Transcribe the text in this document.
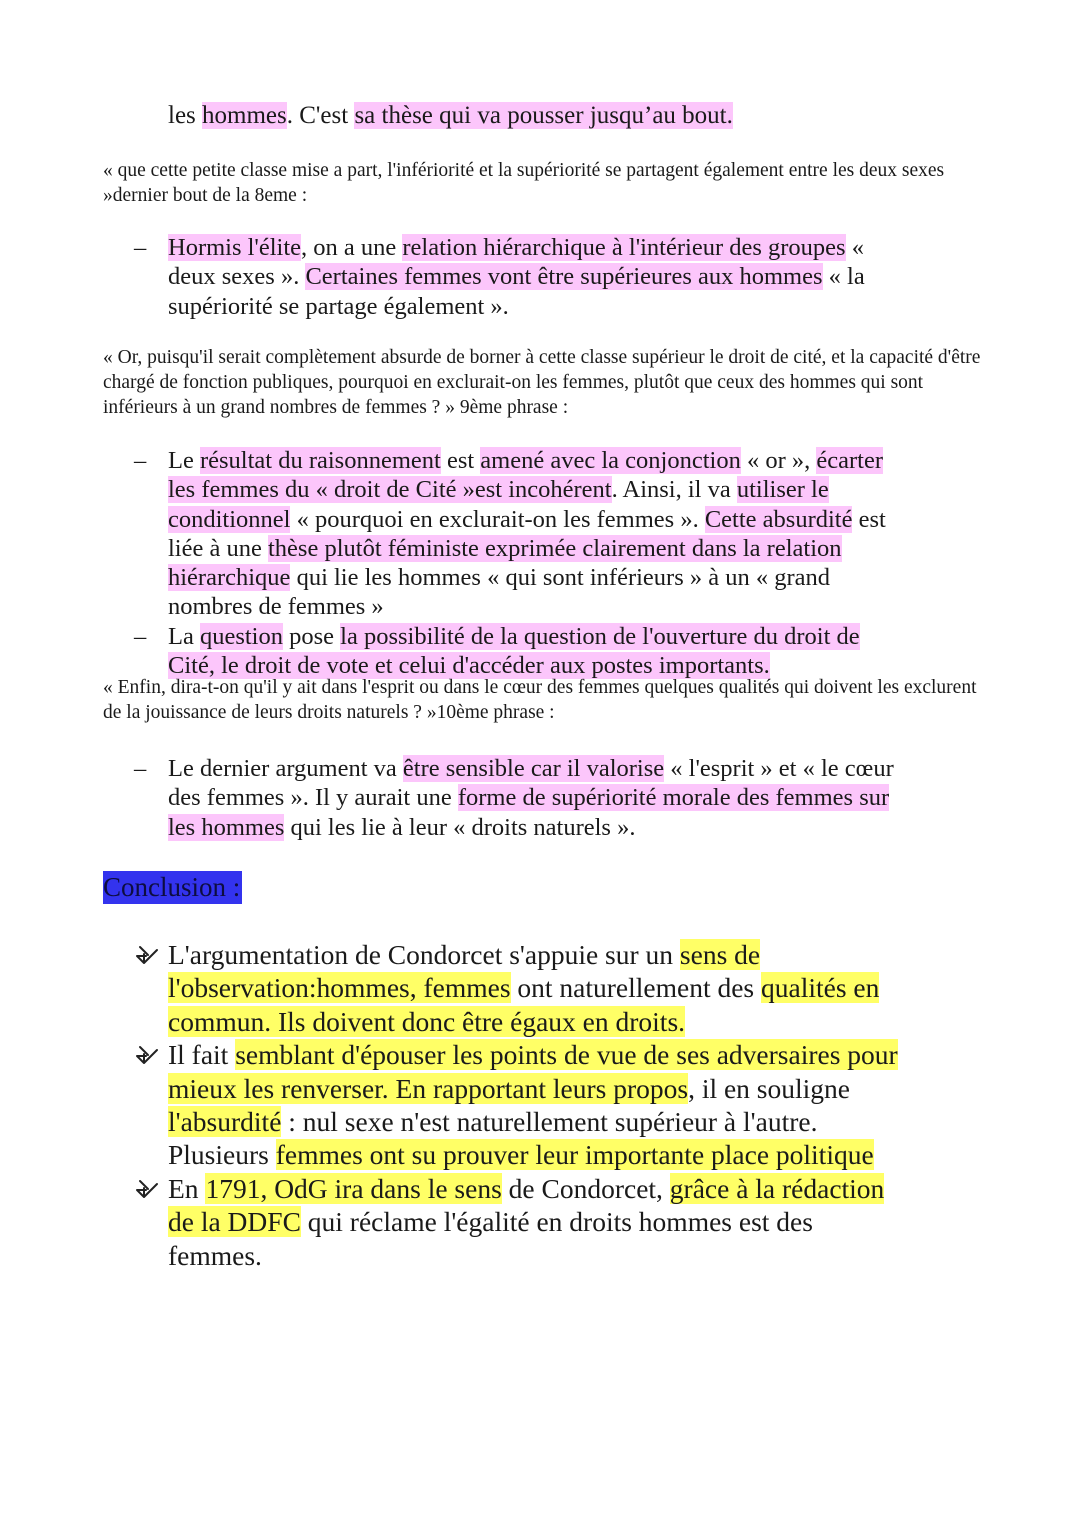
les hommes. C'est sa thèse qui va pousser jusqu’au bout.
« que cette petite classe mise a part, l'infériorité et la supériorité se partagent également entre les deux sexes »dernier bout de la 8eme :
– Hormis l'élite, on a une relation hiérarchique à l'intérieur des groupes « deux sexes ». Certaines femmes vont être supérieures aux hommes « la supériorité se partage également ».
« Or, puisqu'il serait complètement absurde de borner à cette classe supérieur le droit de cité, et la capacité d'être chargé de fonction publiques, pourquoi en exclurait-on les femmes, plutôt que ceux des hommes qui sont inférieurs à un grand nombres de femmes ? » 9ème phrase :
– Le résultat du raisonnement est amené avec la conjonction « or », écarter les femmes du « droit de Cité »est incohérent. Ainsi, il va utiliser le conditionnel « pourquoi en exclurait-on les femmes ». Cette absurdité est liée à une thèse plutôt féministe exprimée clairement dans la relation hiérarchique qui lie les hommes « qui sont inférieurs » à un « grand nombres de femmes »
– La question pose la possibilité de la question de l'ouverture du droit de Cité, le droit de vote et celui d'accéder aux postes importants.
« Enfin, dira-t-on qu'il y ait dans l'esprit ou dans le cœur des femmes quelques qualités qui doivent les exclurent de la jouissance de leurs droits naturels ? »10ème phrase :
– Le dernier argument va être sensible car il valorise « l'esprit » et « le cœur des femmes ». Il y aurait une forme de supériorité morale des femmes sur les hommes qui les lie à leur « droits naturels ».
Conclusion :
L'argumentation de Condorcet s'appuie sur un sens de l'observation:hommes, femmes ont naturellement des qualités en commun. Ils doivent donc être égaux en droits.
Il fait semblant d'épouser les points de vue de ses adversaires pour mieux les renverser. En rapportant leurs propos, il en souligne l'absurdité : nul sexe n'est naturellement supérieur à l'autre. Plusieurs femmes ont su prouver leur importante place politique
En 1791, OdG ira dans le sens de Condorcet, grâce à la rédaction de la DDFC qui réclame l'égalité en droits hommes est des femmes.
